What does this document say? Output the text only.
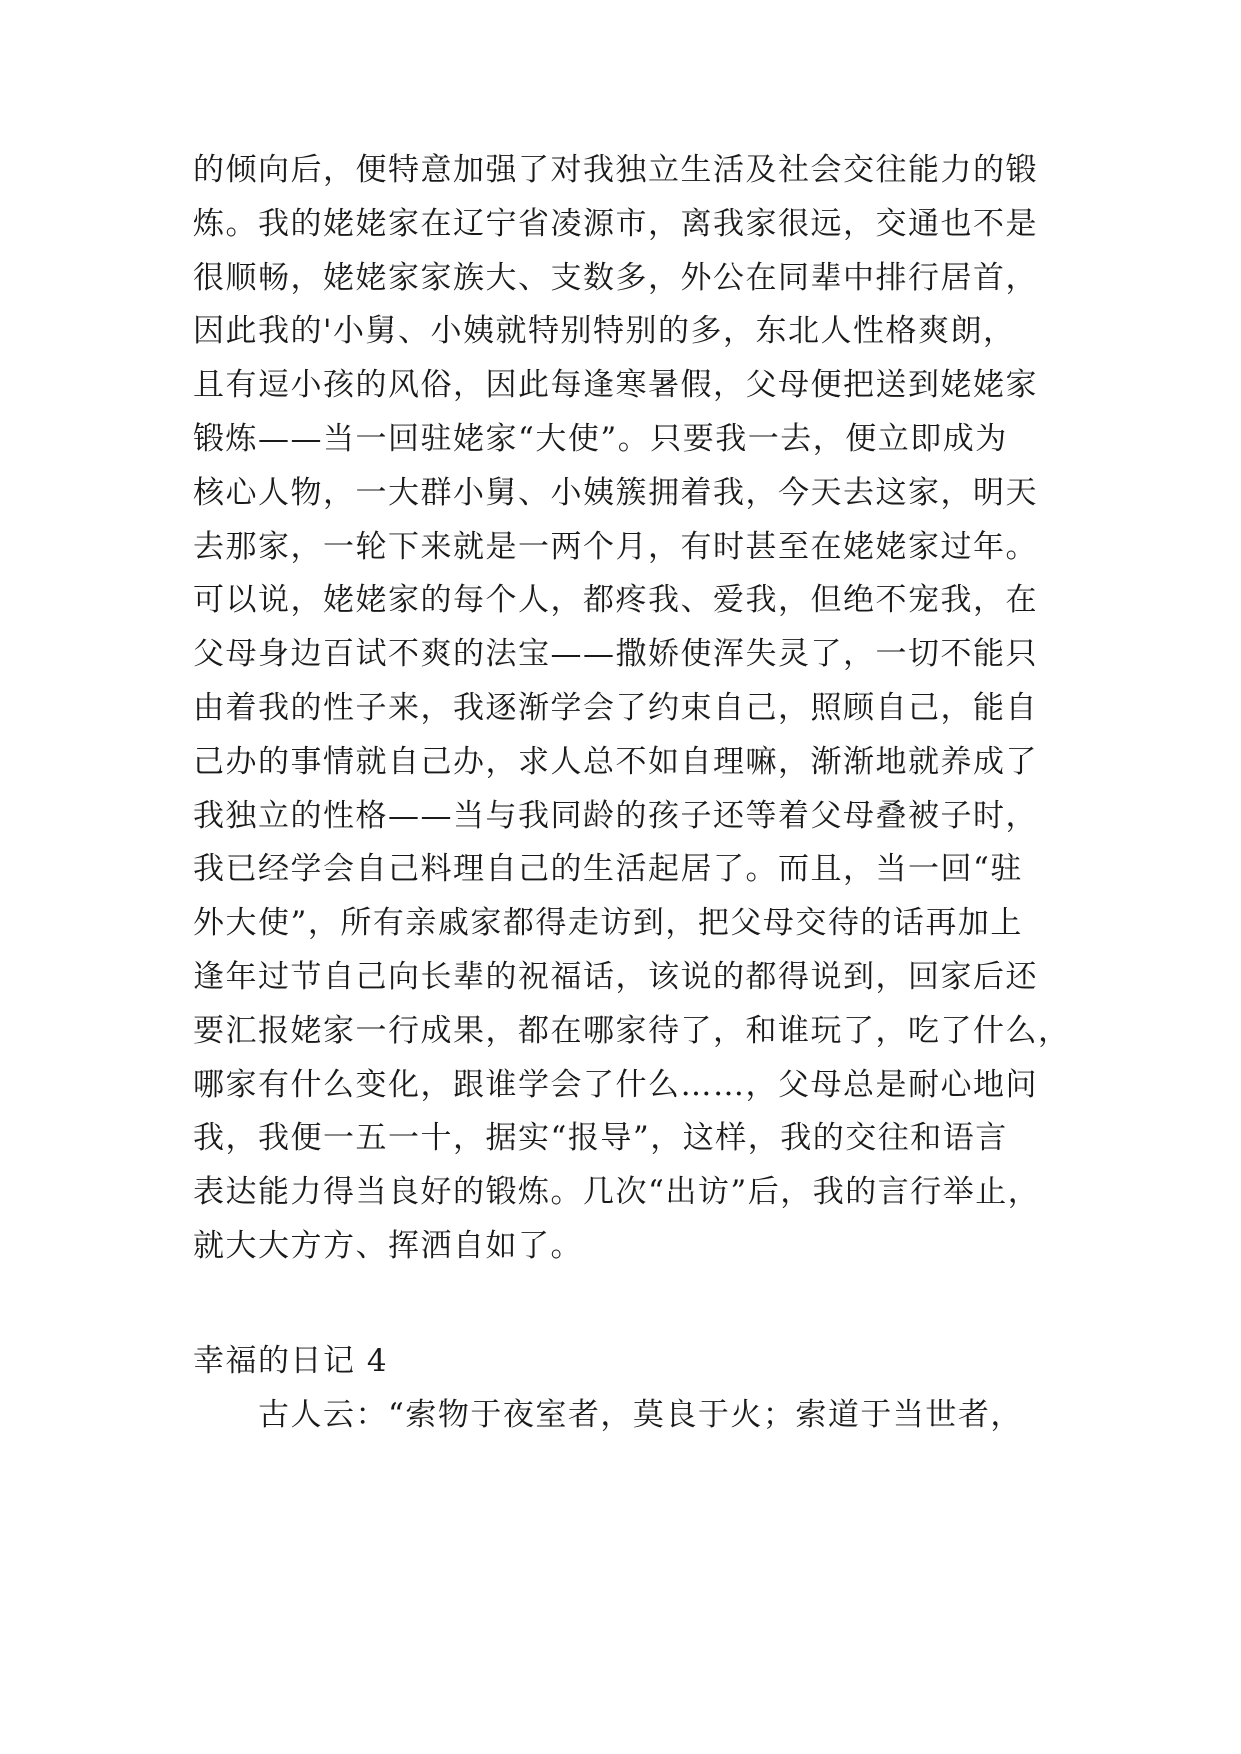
的倾向后，便特意加强了对我独立生活及社会交往能力的锻
炼。我的姥姥家在辽宁省凌源市，离我家很远，交通也不是
很顺畅，姥姥家家族大、支数多，外公在同辈中排行居首，
因此我的'小舅、小姨就特别特别的多，东北人性格爽朗，
且有逗小孩的风俗，因此每逢寒暑假，父母便把送到姥姥家
锻炼——当一回驻姥家“大使”。只要我一去，便立即成为
核心人物，一大群小舅、小姨簇拥着我，今天去这家，明天
去那家，一轮下来就是一两个月，有时甚至在姥姥家过年。
可以说，姥姥家的每个人，都疼我、爱我，但绝不宠我，在
父母身边百试不爽的法宝——撒娇使浑失灵了，一切不能只
由着我的性子来，我逐渐学会了约束自己，照顾自己，能自
己办的事情就自己办，求人总不如自理嘛，渐渐地就养成了
我独立的性格——当与我同龄的孩子还等着父母叠被子时，
我已经学会自己料理自己的生活起居了。而且，当一回“驻
外大使”，所有亲戚家都得走访到，把父母交待的话再加上
逢年过节自己向长辈的祝福话，该说的都得说到，回家后还
要汇报姥家一行成果，都在哪家待了，和谁玩了，吃了什么，
哪家有什么变化，跟谁学会了什么……，父母总是耐心地问
我，我便一五一十，据实“报导”，这样，我的交往和语言
表达能力得当良好的锻炼。几次“出访”后，我的言行举止，
就大大方方、挥洒自如了。
幸福的日记 4
古人云：“索物于夜室者，莫良于火；索道于当世者，
